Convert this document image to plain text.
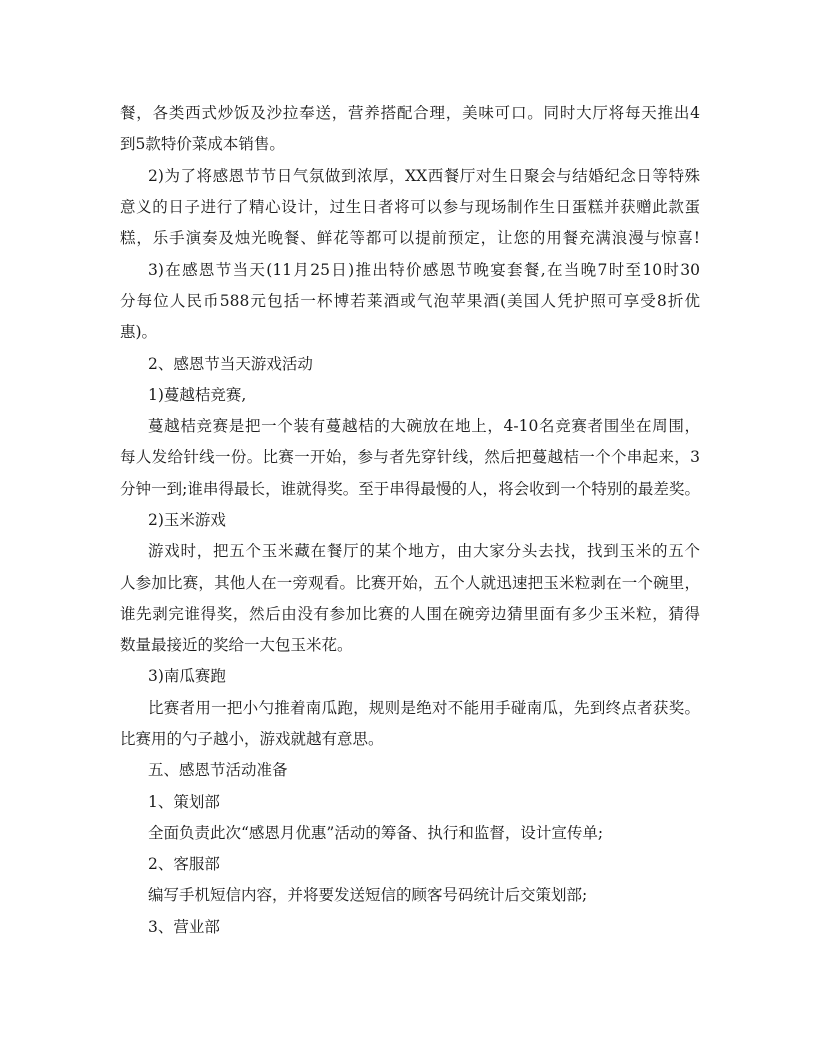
餐，各类西式炒饭及沙拉奉送，营养搭配合理，美味可口。同时大厅将每天推出4
到5款特价菜成本销售。
2)为了将感恩节节日气氛做到浓厚，XX西餐厅对生日聚会与结婚纪念日等特殊
意义的日子进行了精心设计，过生日者将可以参与现场制作生日蛋糕并获赠此款蛋
糕，乐手演奏及烛光晚餐、鲜花等都可以提前预定，让您的用餐充满浪漫与惊喜!
3)在感恩节当天(11月25日)推出特价感恩节晚宴套餐,在当晚7时至10时30
分每位人民币588元包括一杯博若莱酒或气泡苹果酒(美国人凭护照可享受8折优
惠)。
2、感恩节当天游戏活动
1)蔓越桔竞赛,
蔓越桔竞赛是把一个装有蔓越桔的大碗放在地上，4-10名竞赛者围坐在周围，
每人发给针线一份。比赛一开始，参与者先穿针线，然后把蔓越桔一个个串起来，3
分钟一到;谁串得最长，谁就得奖。至于串得最慢的人，将会收到一个特别的最差奖。
2)玉米游戏
游戏时，把五个玉米藏在餐厅的某个地方，由大家分头去找，找到玉米的五个
人参加比赛，其他人在一旁观看。比赛开始，五个人就迅速把玉米粒剥在一个碗里，
谁先剥完谁得奖，然后由没有参加比赛的人围在碗旁边猜里面有多少玉米粒，猜得
数量最接近的奖给一大包玉米花。
3)南瓜赛跑
比赛者用一把小勺推着南瓜跑，规则是绝对不能用手碰南瓜，先到终点者获奖。
比赛用的勺子越小，游戏就越有意思。
五、感恩节活动准备
1、策划部
全面负责此次“感恩月优惠”活动的筹备、执行和监督，设计宣传单;
2、客服部
编写手机短信内容，并将要发送短信的顾客号码统计后交策划部;
3、营业部
